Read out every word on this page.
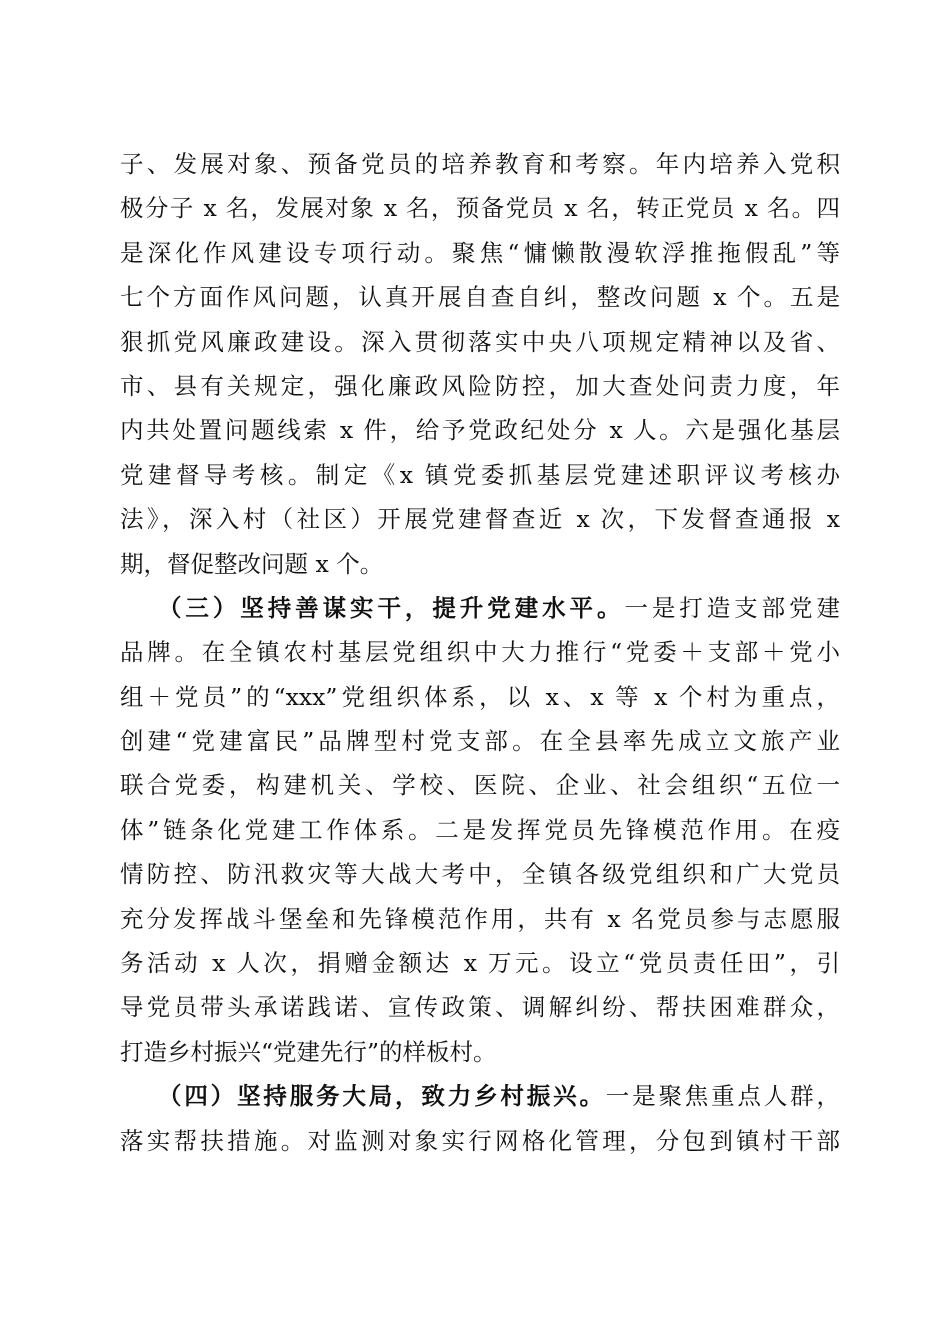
子、发展对象、预备党员的培养教育和考察。年内培养入党积
极分子 x 名，发展对象 x 名，预备党员 x 名，转正党员 x 名。四
是深化作风建设专项行动。聚焦“慵懒散漫软浮推拖假乱”等
七个方面作风问题，认真开展自查自纠，整改问题 x 个。五是
狠抓党风廉政建设。深入贯彻落实中央八项规定精神以及省、
市、县有关规定，强化廉政风险防控，加大查处问责力度，年
内共处置问题线索 x 件，给予党政纪处分 x 人。六是强化基层
党建督导考核。制定《x 镇党委抓基层党建述职评议考核办
法》，深入村（社区）开展党建督查近 x 次，下发督查通报 x
期，督促整改问题 x 个。
（三）坚持善谋实干，提升党建水平。一是打造支部党建
品牌。在全镇农村基层党组织中大力推行“党委＋支部＋党小
组＋党员”的“xxx”党组织体系，以 x、x 等 x 个村为重点，
创建“党建富民”品牌型村党支部。在全县率先成立文旅产业
联合党委，构建机关、学校、医院、企业、社会组织“五位一
体”链条化党建工作体系。二是发挥党员先锋模范作用。在疫
情防控、防汛救灾等大战大考中，全镇各级党组织和广大党员
充分发挥战斗堡垒和先锋模范作用，共有 x 名党员参与志愿服
务活动 x 人次，捐赠金额达 x 万元。设立“党员责任田”，引
导党员带头承诺践诺、宣传政策、调解纠纷、帮扶困难群众，
打造乡村振兴“党建先行”的样板村。
（四）坚持服务大局，致力乡村振兴。一是聚焦重点人群，
落实帮扶措施。对监测对象实行网格化管理，分包到镇村干部
